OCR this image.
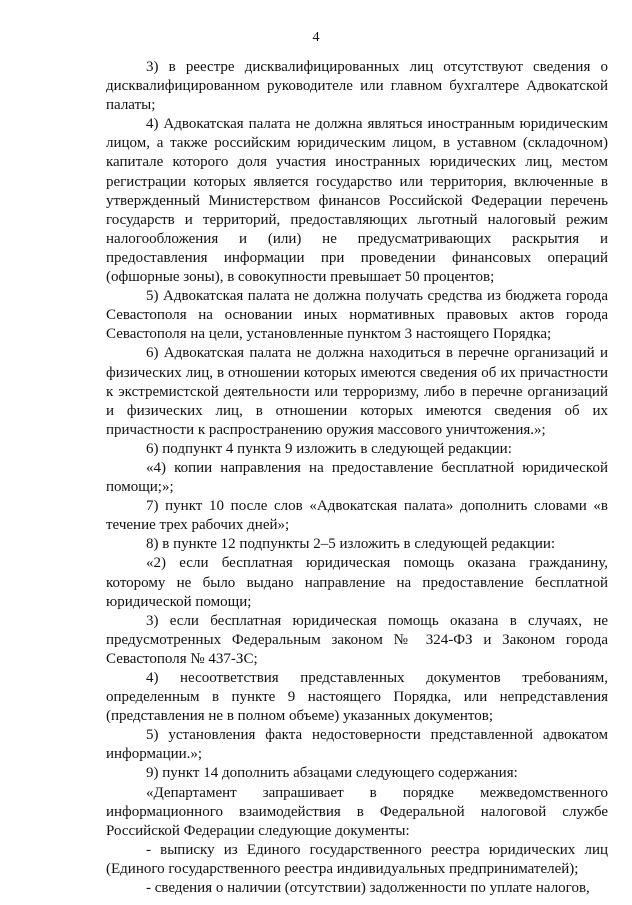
4

3) в реестре дисквалифицированных лиц отсутствуют сведения о дисквалифицированном руководителе или главном бухгалтере Адвокатской палаты;

4) Адвокатская палата не должна являться иностранным юридическим лицом, а также российским юридическим лицом, в уставном (складочном) капитале которого доля участия иностранных юридических лиц, местом регистрации которых является государство или территория, включенные в утвержденный Министерством финансов Российской Федерации перечень государств и территорий, предоставляющих льготный налоговый режим налогообложения и (или) не предусматривающих раскрытия и предоставления информации при проведении финансовых операций (офшорные зоны), в совокупности превышает 50 процентов;

5) Адвокатская палата не должна получать средства из бюджета города Севастополя на основании иных нормативных правовых актов города Севастополя на цели, установленные пунктом 3 настоящего Порядка;

6) Адвокатская палата не должна находиться в перечне организаций и физических лиц, в отношении которых имеются сведения об их причастности к экстремистской деятельности или терроризму, либо в перечне организаций и физических лиц, в отношении которых имеются сведения об их причастности к распространению оружия массового уничтожения.»;

6) подпункт 4 пункта 9 изложить в следующей редакции:

«4) копии направления на предоставление бесплатной юридической помощи;»;

7) пункт 10 после слов «Адвокатская палата» дополнить словами «в течение трех рабочих дней»;

8) в пункте 12 подпункты 2–5 изложить в следующей редакции:

«2) если бесплатная юридическая помощь оказана гражданину, которому не было выдано направление на предоставление бесплатной юридической помощи;

3) если бесплатная юридическая помощь оказана в случаях, не предусмотренных Федеральным законом № 324-ФЗ и Законом города Севастополя № 437-ЗС;

4) несоответствия представленных документов требованиям, определенным в пункте 9 настоящего Порядка, или непредставления (представления не в полном объеме) указанных документов;

5) установления факта недостоверности представленной адвокатом информации.»;

9) пункт 14 дополнить абзацами следующего содержания:

«Департамент запрашивает в порядке межведомственного информационного взаимодействия в Федеральной налоговой службе Российской Федерации следующие документы:

- выписку из Единого государственного реестра юридических лиц (Единого государственного реестра индивидуальных предпринимателей);

- сведения о наличии (отсутствии) задолженности по уплате налогов,
